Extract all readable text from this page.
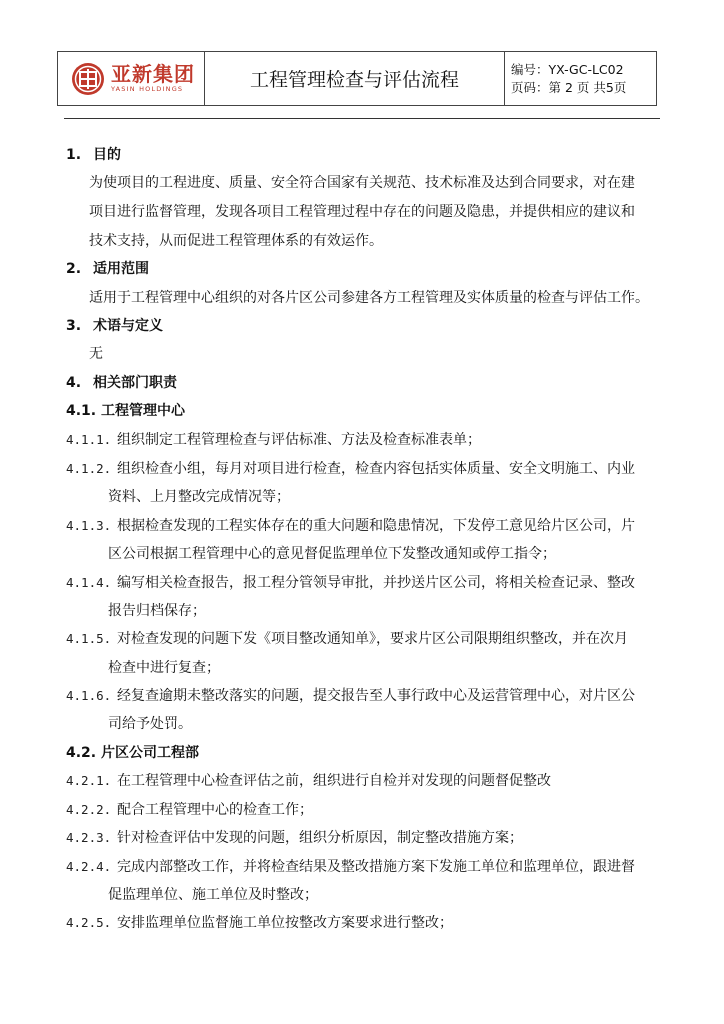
亚新集团
YASIN HOLDINGS	工程管理检查与评估流程	编号：YX-GC-LC02
页码：第 2 页 共5页
1. 目的
为使项目的工程进度、质量、安全符合国家有关规范、技术标准及达到合同要求，对在建
项目进行监督管理，发现各项目工程管理过程中存在的问题及隐患，并提供相应的建议和
技术支持，从而促进工程管理体系的有效运作。
2. 适用范围
适用于工程管理中心组织的对各片区公司参建各方工程管理及实体质量的检查与评估工作。
3. 术语与定义
无
4. 相关部门职责
4.1. 工程管理中心
4.1.1. 组织制定工程管理检查与评估标准、方法及检查标准表单；
4.1.2. 组织检查小组，每月对项目进行检查，检查内容包括实体质量、安全文明施工、内业
资料、上月整改完成情况等；
4.1.3. 根据检查发现的工程实体存在的重大问题和隐患情况，下发停工意见给片区公司，片
区公司根据工程管理中心的意见督促监理单位下发整改通知或停工指令；
4.1.4. 编写相关检查报告，报工程分管领导审批，并抄送片区公司，将相关检查记录、整改
报告归档保存；
4.1.5. 对检查发现的问题下发《项目整改通知单》，要求片区公司限期组织整改，并在次月
检查中进行复查；
4.1.6. 经复查逾期未整改落实的问题，提交报告至人事行政中心及运营管理中心，对片区公
司给予处罚。
4.2. 片区公司工程部
4.2.1. 在工程管理中心检查评估之前，组织进行自检并对发现的问题督促整改
4.2.2. 配合工程管理中心的检查工作；
4.2.3. 针对检查评估中发现的问题，组织分析原因，制定整改措施方案；
4.2.4. 完成内部整改工作，并将检查结果及整改措施方案下发施工单位和监理单位，跟进督
促监理单位、施工单位及时整改；
4.2.5. 安排监理单位监督施工单位按整改方案要求进行整改；
